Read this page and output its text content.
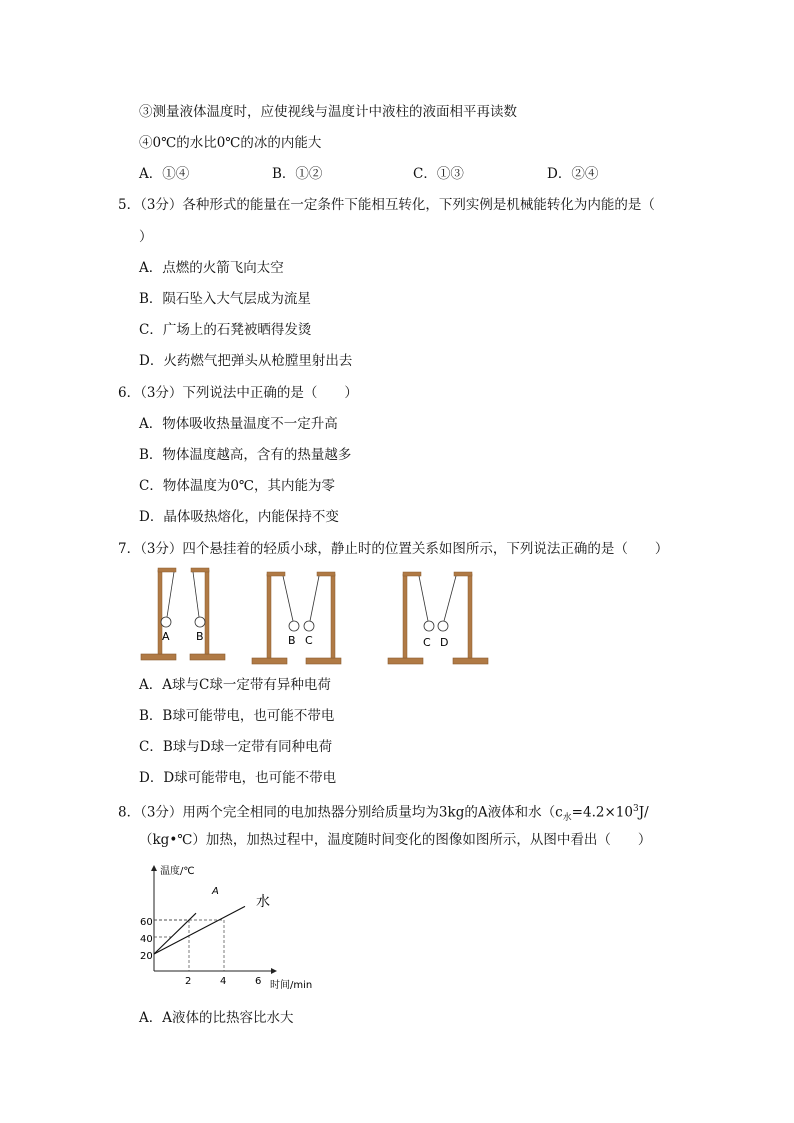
③测量液体温度时，应使视线与温度计中液柱的液面相平再读数
④0℃的水比0℃的冰的内能大
A．①④	B．①②	C．①③	D．②④
5．（3分）各种形式的能量在一定条件下能相互转化，下列实例是机械能转化为内能的是（
）
A．点燃的火箭飞向太空
B．陨石坠入大气层成为流星
C．广场上的石凳被晒得发烫
D．火药燃气把弹头从枪膛里射出去
6．（3分）下列说法中正确的是（　　）
A．物体吸收热量温度不一定升高
B．物体温度越高，含有的热量越多
C．物体温度为0℃，其内能为零
D．晶体吸热熔化，内能保持不变
7．（3分）四个悬挂着的轻质小球，静止时的位置关系如图所示，下列说法正确的是（　　）
A B	B C	C D
A．A球与C球一定带有异种电荷
B．B球可能带电，也可能不带电
C．B球与D球一定带有同种电荷
D．D球可能带电，也可能不带电
8．（3分）用两个完全相同的电加热器分别给质量均为3kg的A液体和水（$c_水=4.2\times 10^3J/$
（kg•℃）加热，加热过程中，温度随时间变化的图像如图所示，从图中看出（　　）
温度/℃
时间/min
60
40
20
2	4	6
A
水
A．A液体的比热容比水大
